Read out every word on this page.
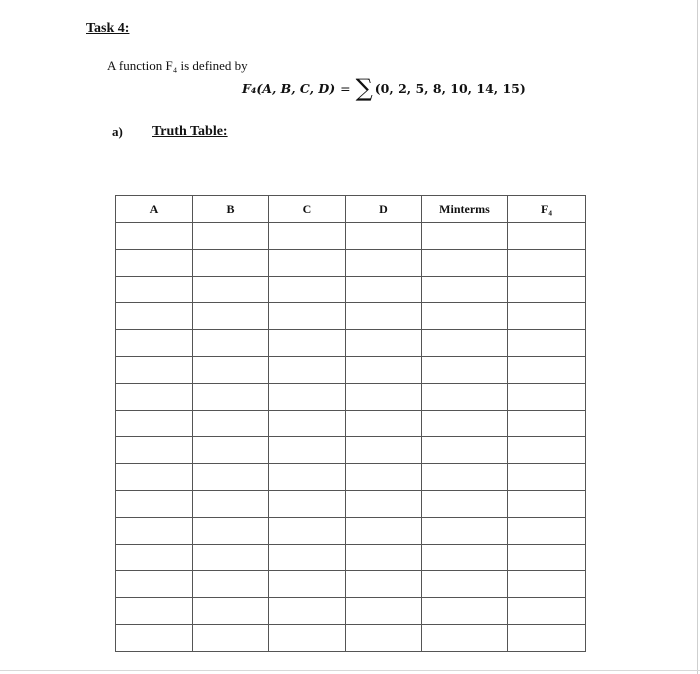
Task 4:
A function F₄ is defined by
F₄(A, B, C, D) = ∑ (0, 2, 5, 8, 10, 14, 15)
a) Truth Table:
A	B	C	D	Minterms	F₄
